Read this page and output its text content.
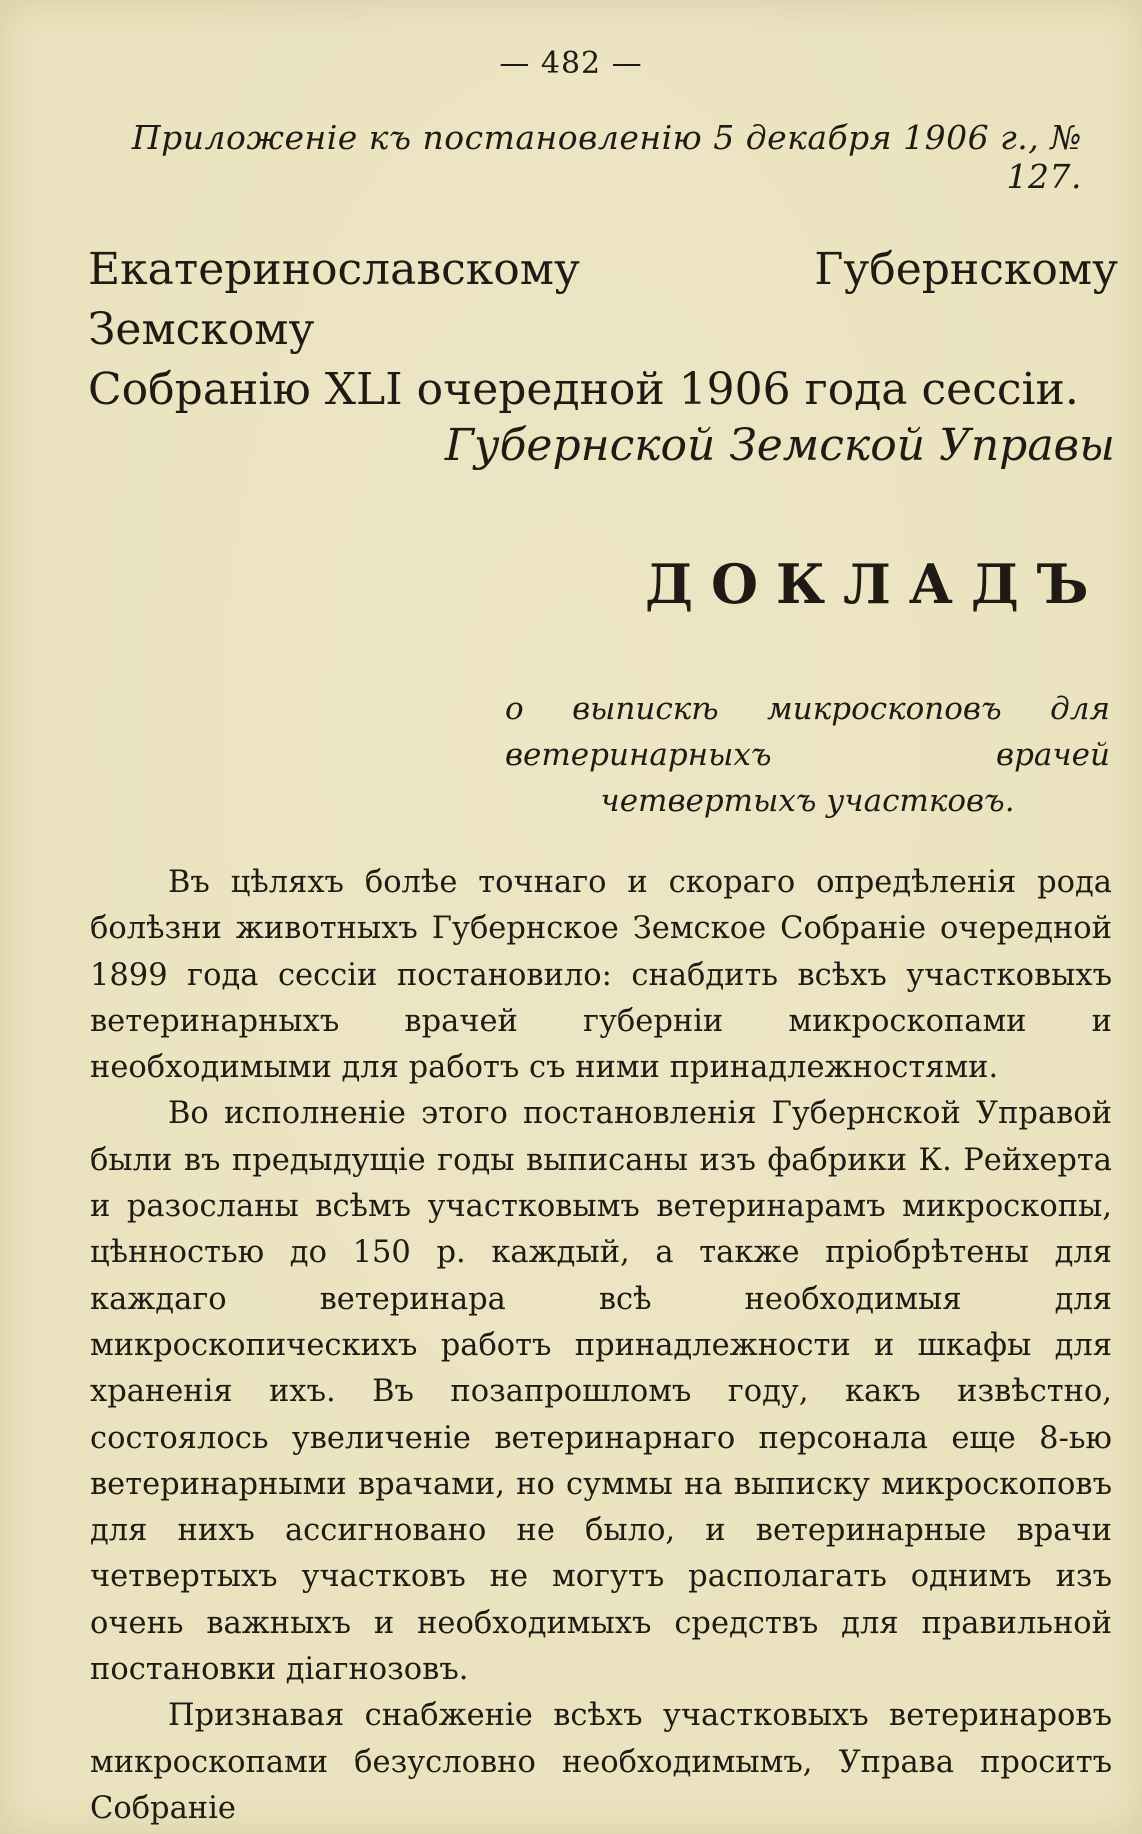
— 482 —
Приложенiе къ постановленiю 5 декабря 1906 г., № 127.
Екатеринославскому Губернскому Земскому
Собранiю XLI очередной 1906 года сессiи.
Губернской Земской Управы
ДОКЛАДЪ
о выпискѣ микроскоповъ для ветеринарныхъ врачей четвертыхъ участковъ.

Въ цѣляхъ болѣе точнаго и скораго опредѣленія рода болѣзни животныхъ Губернское Земское Собранiе очередной 1899 года сессiи постановило: снабдить всѣхъ участковыхъ ветеринарныхъ врачей губернiи микроскопами и необходимыми для работъ съ ними принадлежностями.

Во исполненiе этого постановленiя Губернской Управой были въ предыдущiе годы выписаны изъ фабрики К. Рейхерта и разосланы всѣмъ участковымъ ветеринарамъ микроскопы, цѣнностью до 150 р. каждый, а также прiобрѣтены для каждаго ветеринара всѣ необходимыя для микроскопическихъ работъ принадлежности и шкафы для храненiя ихъ. Въ позапрошломъ году, какъ извѣстно, состоялось увеличенiе ветеринарнаго персонала еще 8-ью ветеринарными врачами, но суммы на выписку микроскоповъ для нихъ ассигновано не было, и ветеринарные врачи четвертыхъ участковъ не могутъ располагать однимъ изъ очень важныхъ и необходимыхъ средствъ для правильной постановки дiагнозовъ.

Признавая снабженiе всѣхъ участковыхъ ветеринаровъ микроскопами безусловно необходимымъ, Управа проситъ Собранiе
